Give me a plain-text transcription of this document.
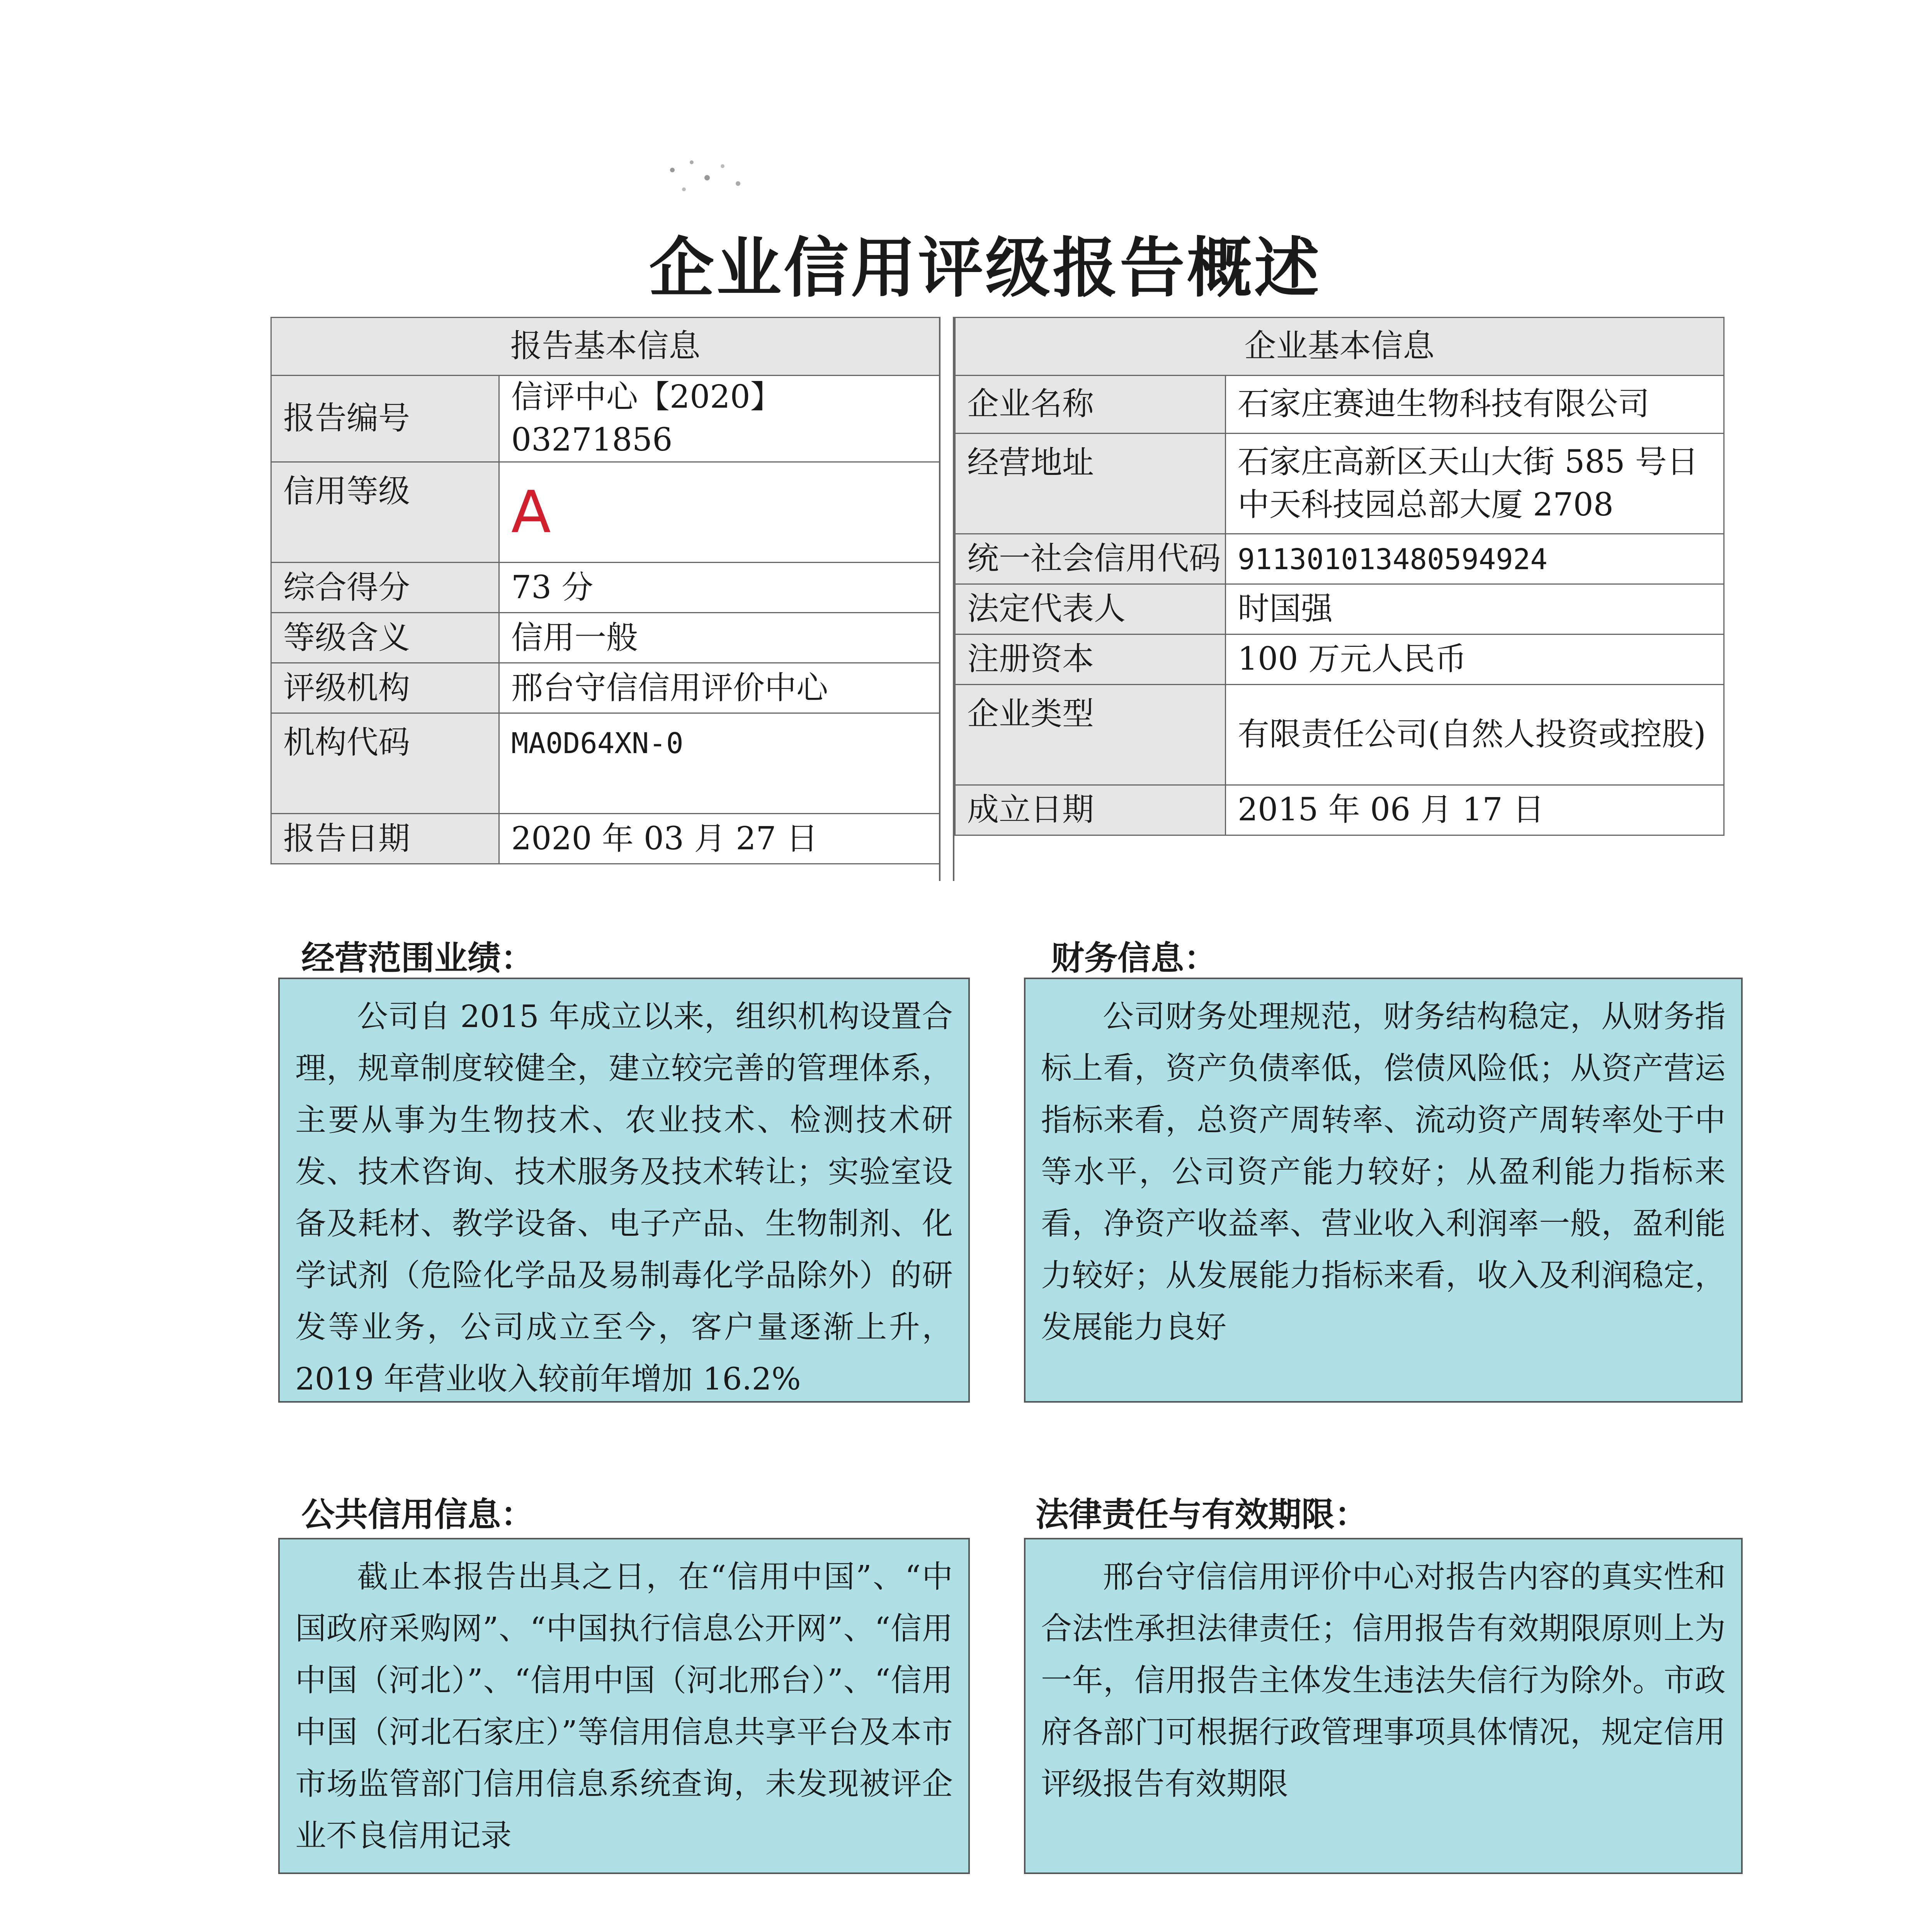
企业信用评级报告概述
报告基本信息	
报告编号	信评中心【2020】03271856
信用等级	A
综合得分	73 分
等级含义	信用一般
评级机构	邢台守信信用评价中心
机构代码	MA0D64XN-0
报告日期	2020 年 03 月 27 日
企业基本信息	
企业名称	石家庄赛迪生物科技有限公司
经营地址	石家庄高新区天山大街 585 号日中天科技园总部大厦 2708
统一社会信用代码	911301013480594924
法定代表人	时国强
注册资本	100 万元人民币
企业类型	有限责任公司(自然人投资或控股)
成立日期	2015 年 06 月 17 日
经营范围业绩：
公司自 2015 年成立以来，组织机构设置合理，规章制度较健全，建立较完善的管理体系，主要从事为生物技术、农业技术、检测技术研发、技术咨询、技术服务及技术转让；实验室设备及耗材、教学设备、电子产品、生物制剂、化学试剂（危险化学品及易制毒化学品除外）的研发等业务，公司成立至今，客户量逐渐上升，2019 年营业收入较前年增加 16.2%
财务信息：
公司财务处理规范，财务结构稳定，从财务指标上看，资产负债率低，偿债风险低；从资产营运指标来看，总资产周转率、流动资产周转率处于中等水平，公司资产能力较好；从盈利能力指标来看，净资产收益率、营业收入利润率一般，盈利能力较好；从发展能力指标来看，收入及利润稳定，发展能力良好
公共信用信息：
截止本报告出具之日，在“信用中国”、“中国政府采购网”、“中国执行信息公开网”、“信用中国（河北）”、“信用中国（河北邢台）”、“信用中国（河北石家庄）”等信用信息共享平台及本市市场监管部门信用信息系统查询，未发现被评企业不良信用记录
法律责任与有效期限：
邢台守信信用评价中心对报告内容的真实性和合法性承担法律责任；信用报告有效期限原则上为一年，信用报告主体发生违法失信行为除外。市政府各部门可根据行政管理事项具体情况，规定信用评级报告有效期限
